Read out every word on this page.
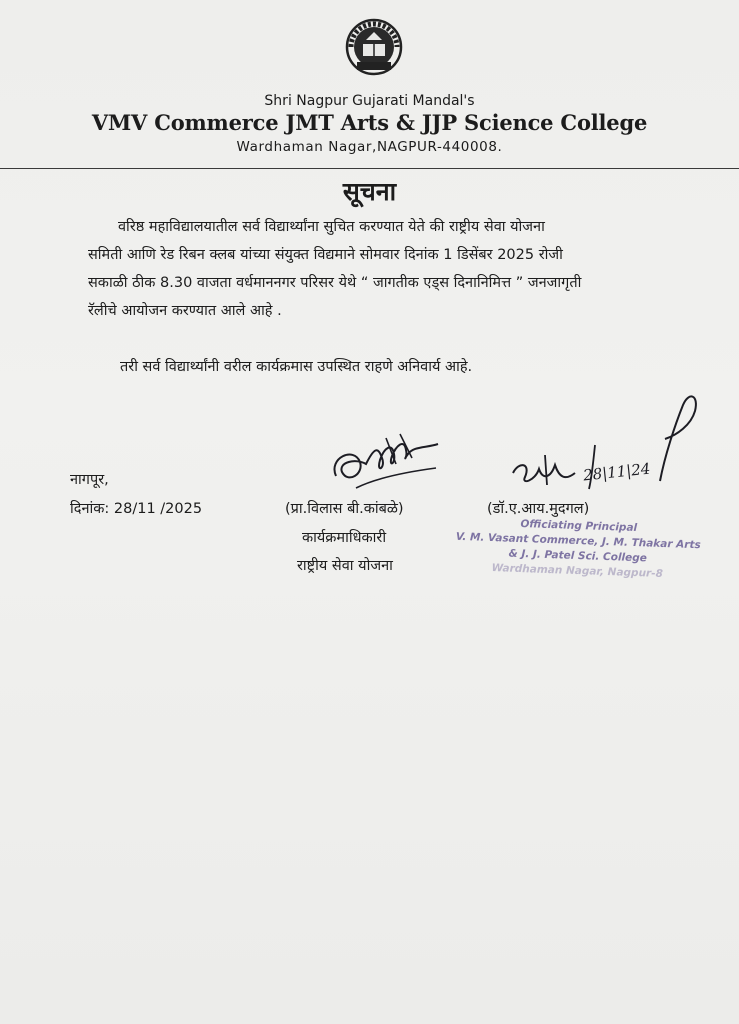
Shri Nagpur Gujarati Mandal's
VMV Commerce JMT Arts & JJP Science College
Wardhaman Nagar,NAGPUR-440008.
सूचना
वरिष्ठ महाविद्यालयातील सर्व विद्यार्थ्यांना सुचित करण्यात येते की राष्ट्रीय सेवा योजना
समिती आणि रेड रिबन क्लब यांच्या संयुक्त विद्यमाने सोमवार दिनांक 1 डिसेंबर 2025 रोजी
सकाळी ठीक 8.30 वाजता वर्धमाननगर परिसर येथे “ जागतीक एड्स दिनानिमित्त ” जनजागृती
रॅलीचे आयोजन करण्यात आले आहे .
तरी सर्व विद्यार्थ्यांनी वरील कार्यक्रमास उपस्थित राहणे अनिवार्य आहे.
नागपूर,
दिनांक: 28/11 /2025
28|11|24
(प्रा.विलास बी.कांबळे)
कार्यक्रमाधिकारी
राष्ट्रीय सेवा योजना
(डॉ.ए.आय.मुदगल)
Officiating Principal
V. M. Vasant Commerce, J. M. Thakar Arts
& J. J. Patel Sci. College
Wardhaman Nagar, Nagpur-8
